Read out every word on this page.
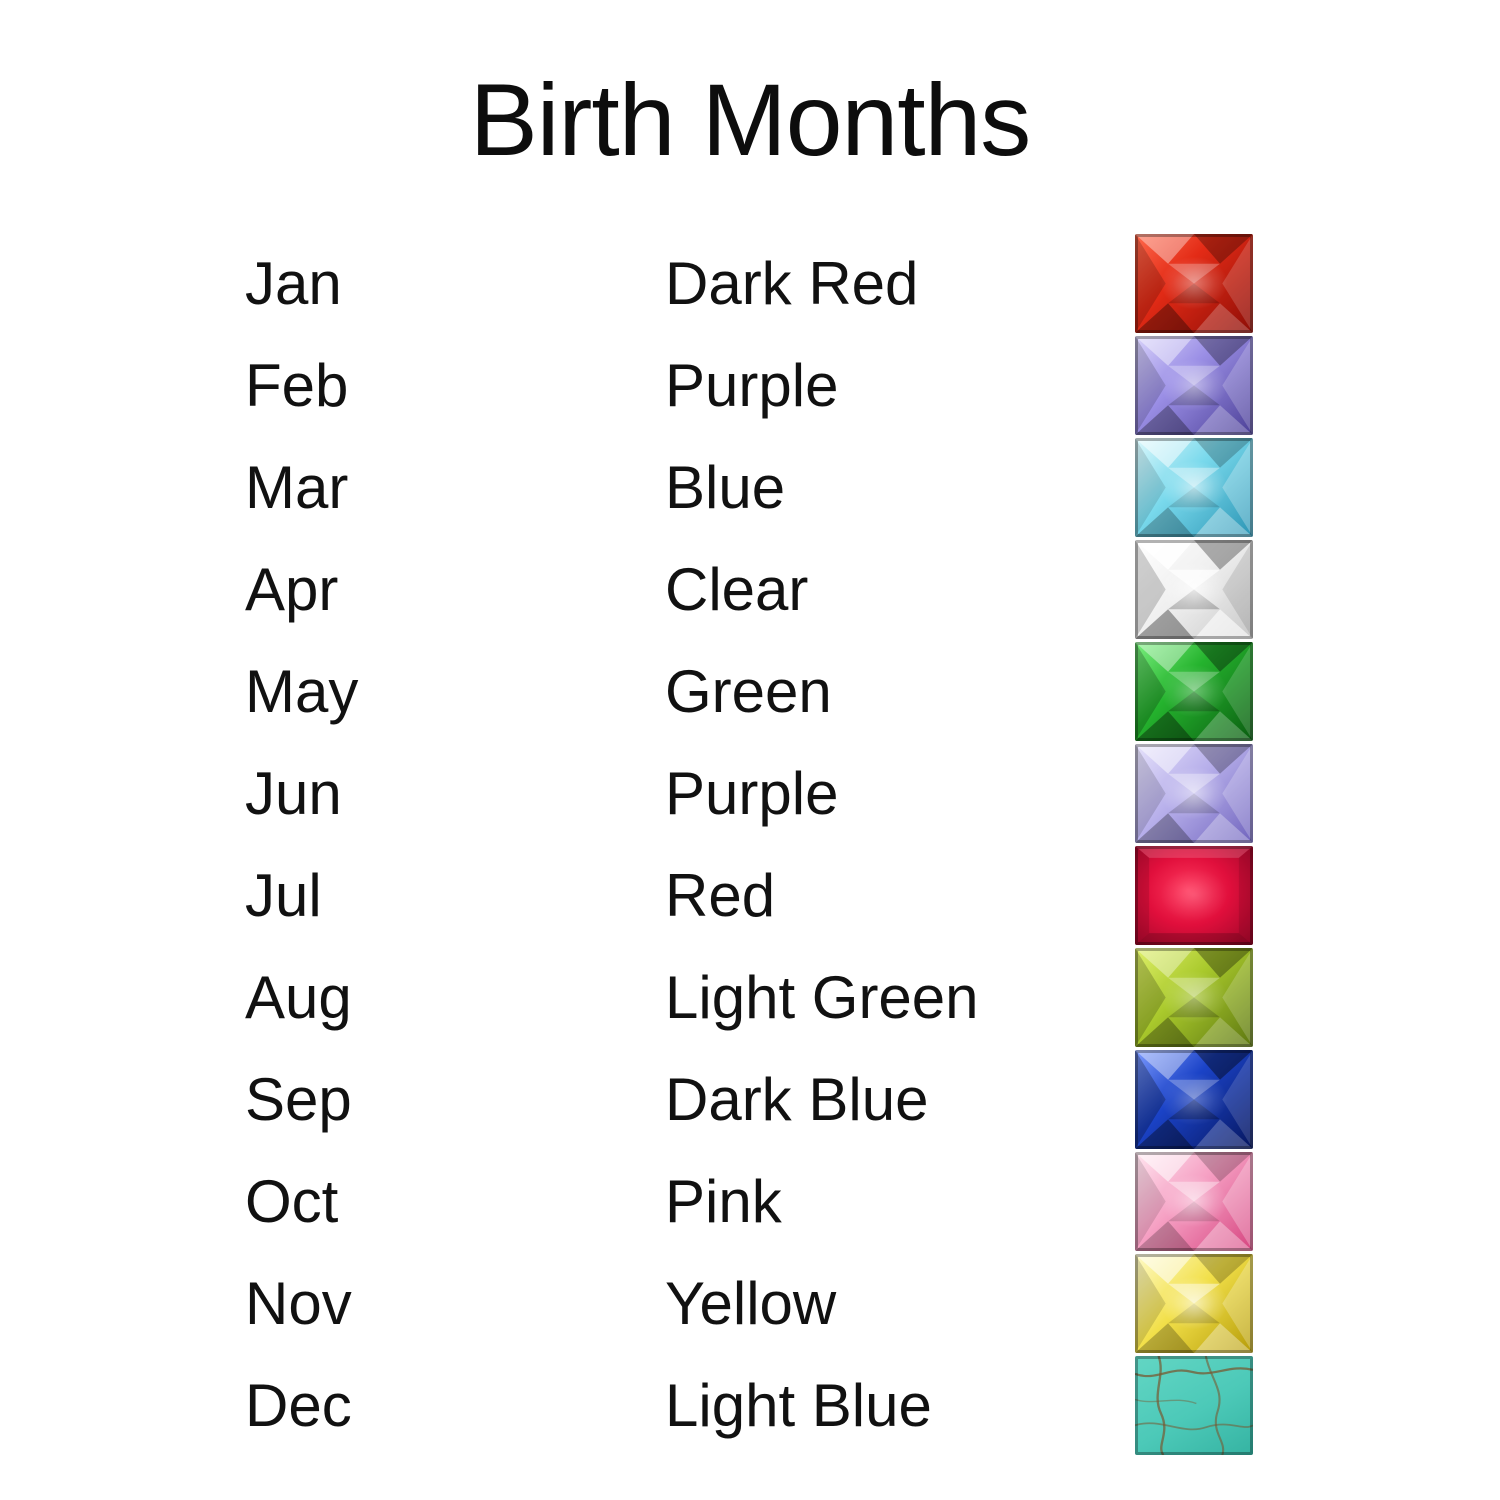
Birth Months
Jan	Dark Red
Feb	Purple
Mar	Blue
Apr	Clear
May	Green
Jun	Purple
Jul	Red
Aug	Light Green
Sep	Dark Blue
Oct	Pink
Nov	Yellow
Dec	Light Blue
